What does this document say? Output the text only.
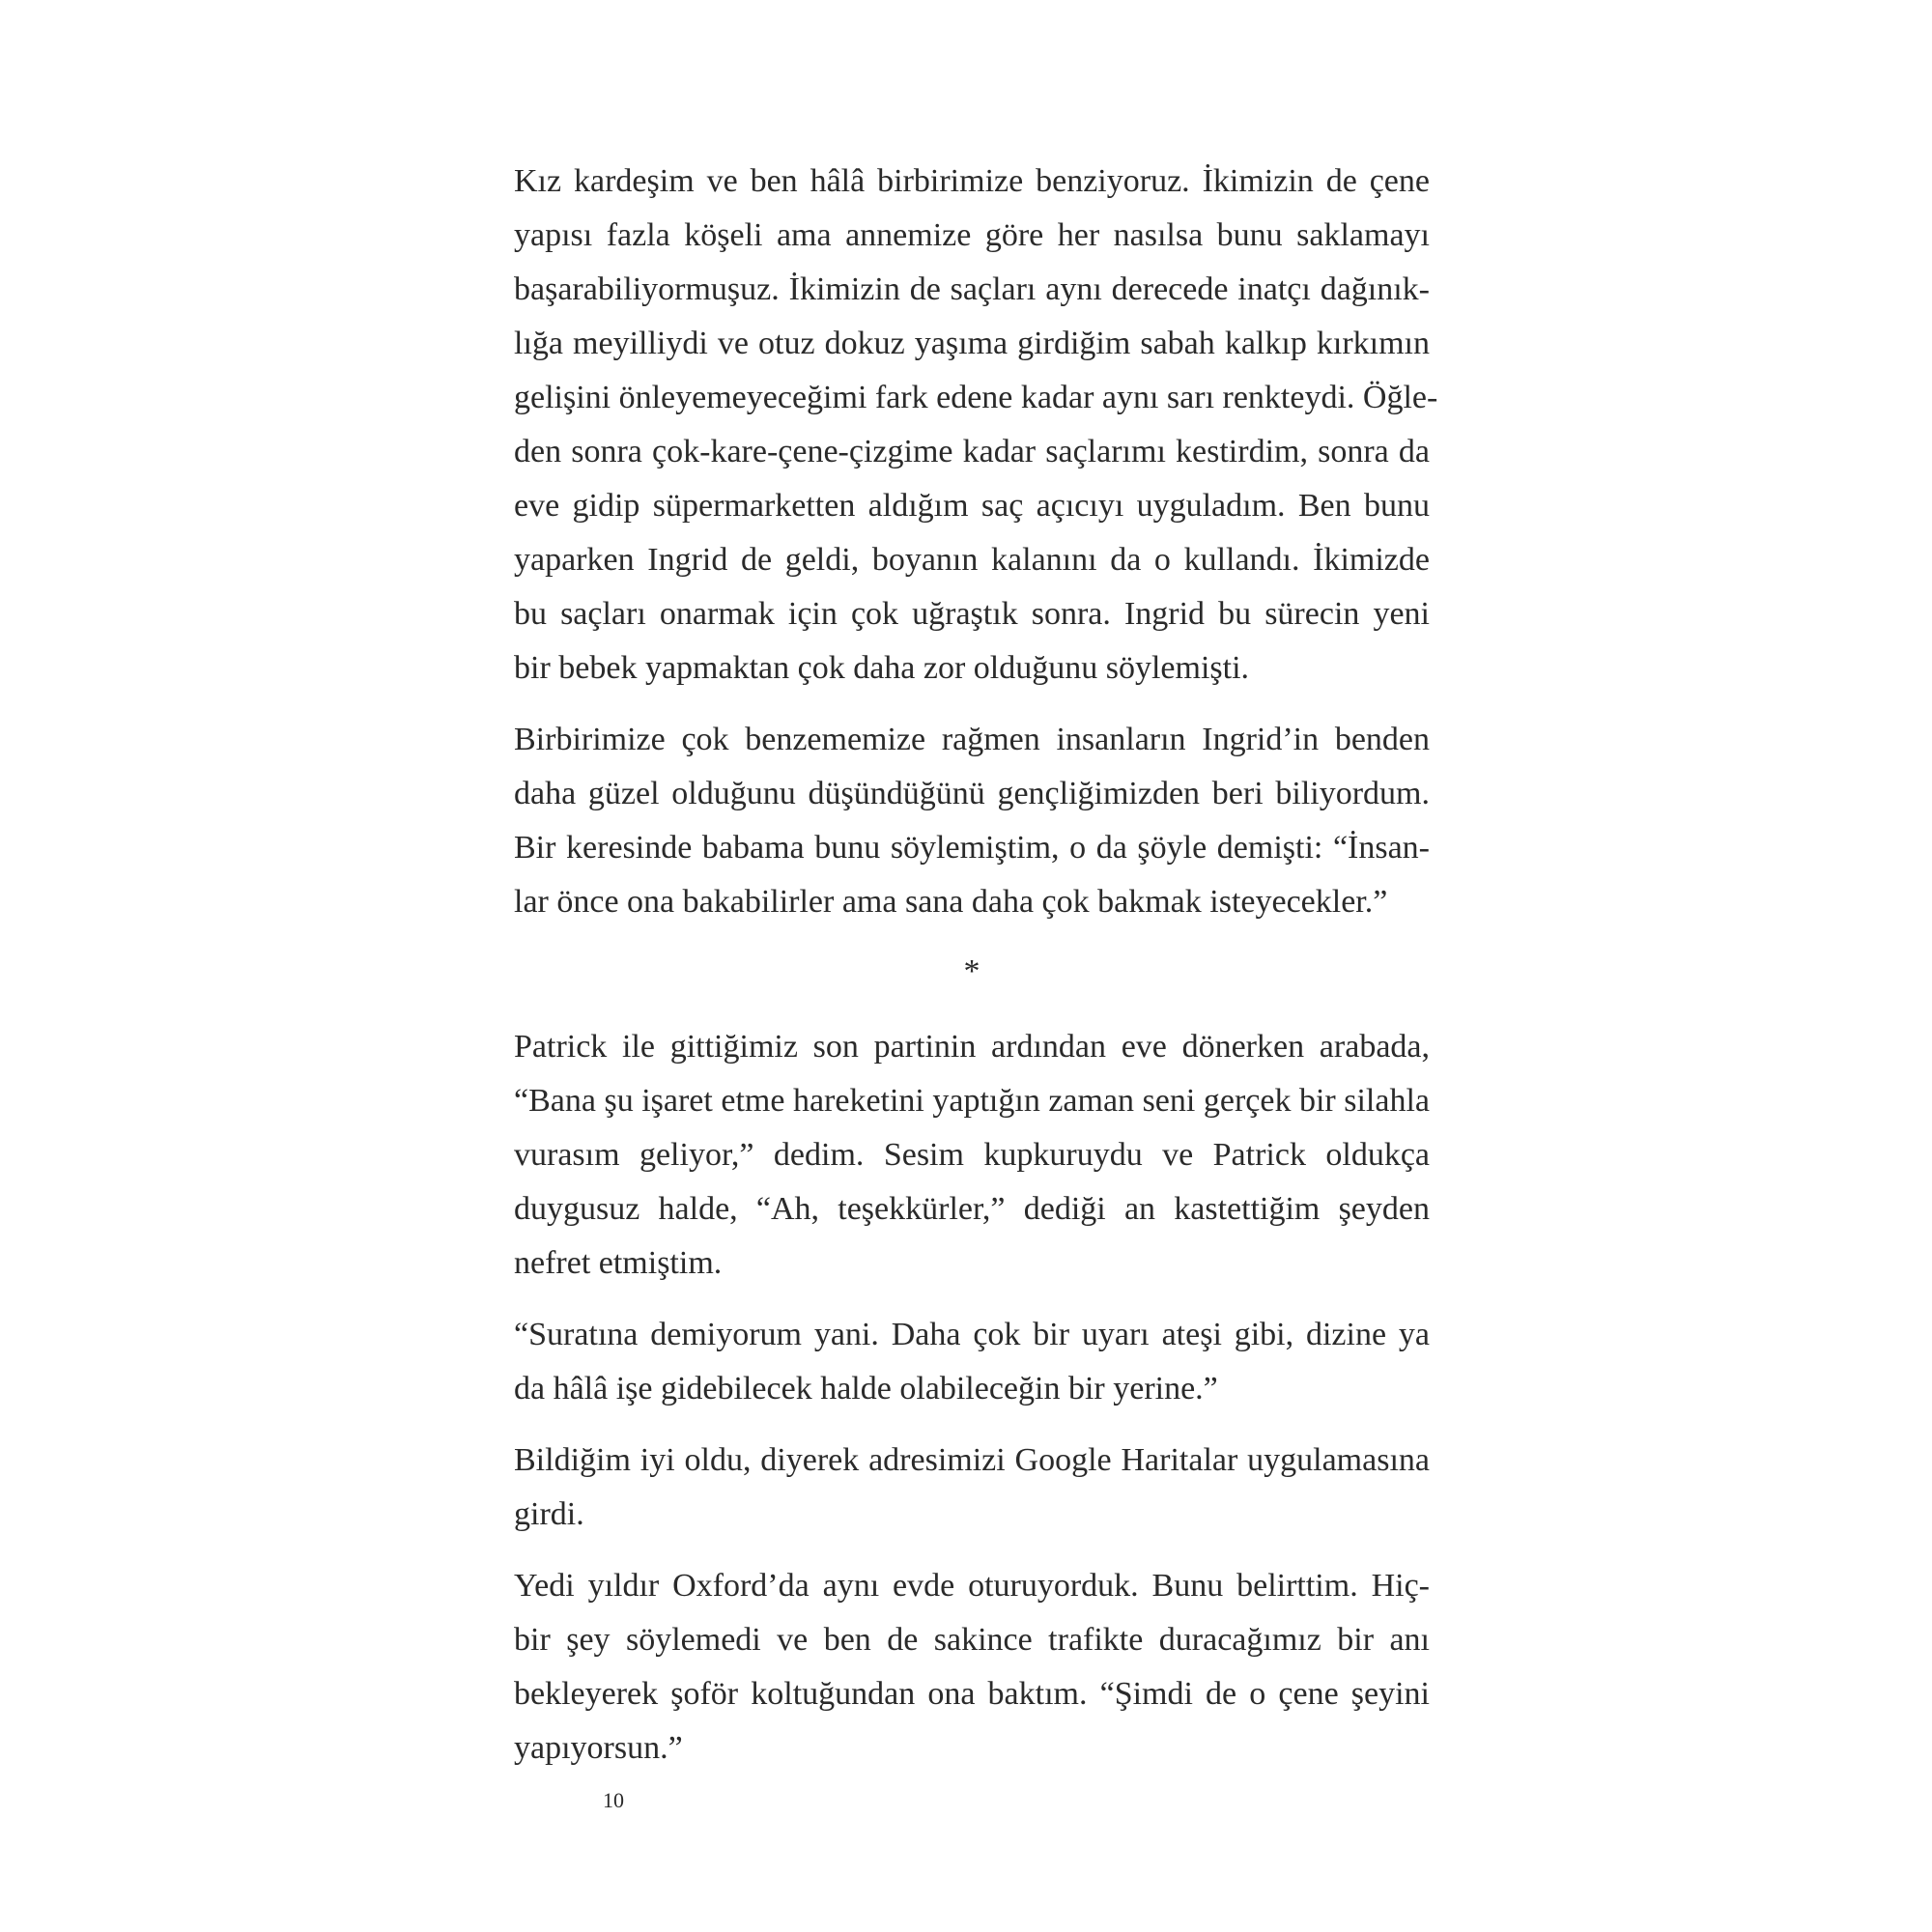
Kız kardeşim ve ben hâlâ birbirimize benziyoruz. İkimizin de çene
yapısı fazla köşeli ama annemize göre her nasılsa bunu saklamayı
başarabiliyormuşuz. İkimizin de saçları aynı derecede inatçı dağınık-
lığa meyilliydi ve otuz dokuz yaşıma girdiğim sabah kalkıp kırkımın
gelişini önleyemeyeceğimi fark edene kadar aynı sarı renkteydi. Öğle-
den sonra çok-kare-çene-çizgime kadar saçlarımı kestirdim, sonra da
eve gidip süpermarketten aldığım saç açıcıyı uyguladım. Ben bunu
yaparken Ingrid de geldi, boyanın kalanını da o kullandı. İkimizde
bu saçları onarmak için çok uğraştık sonra. Ingrid bu sürecin yeni
bir bebek yapmaktan çok daha zor olduğunu söylemişti.
Birbirimize çok benzememize rağmen insanların Ingrid’in benden
daha güzel olduğunu düşündüğünü gençliğimizden beri biliyordum.
Bir keresinde babama bunu söylemiştim, o da şöyle demişti: “İnsan-
lar önce ona bakabilirler ama sana daha çok bakmak isteyecekler.”
*
Patrick ile gittiğimiz son partinin ardından eve dönerken arabada,
“Bana şu işaret etme hareketini yaptığın zaman seni gerçek bir silahla
vurasım geliyor,” dedim. Sesim kupkuruydu ve Patrick oldukça
duygusuz halde, “Ah, teşekkürler,” dediği an kastettiğim şeyden
nefret etmiştim.
“Suratına demiyorum yani. Daha çok bir uyarı ateşi gibi, dizine ya
da hâlâ işe gidebilecek halde olabileceğin bir yerine.”
Bildiğim iyi oldu, diyerek adresimizi Google Haritalar uygulamasına
girdi.
Yedi yıldır Oxford’da aynı evde oturuyorduk. Bunu belirttim. Hiç-
bir şey söylemedi ve ben de sakince trafikte duracağımız bir anı
bekleyerek şoför koltuğundan ona baktım. “Şimdi de o çene şeyini
yapıyorsun.”
10
